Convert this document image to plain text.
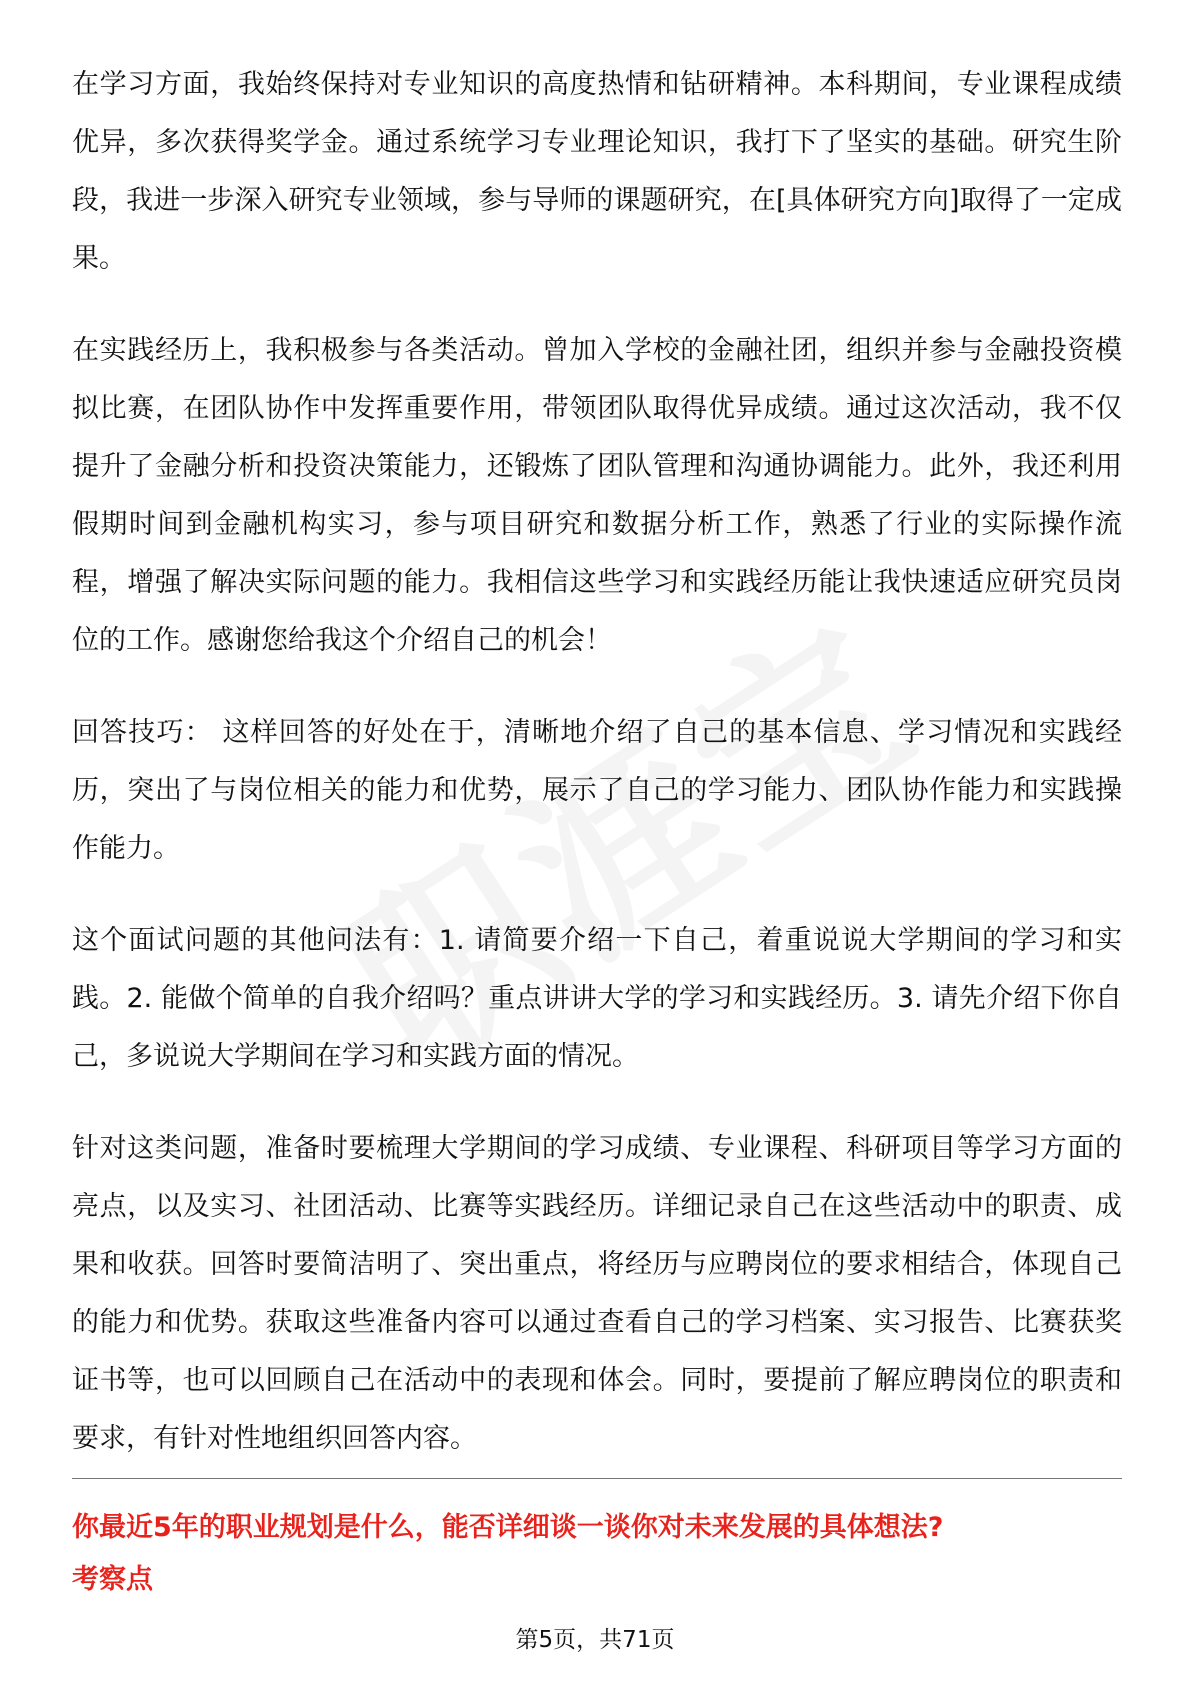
在学习方面，我始终保持对专业知识的高度热情和钻研精神。本科期间，专业课程成绩优异，多次获得奖学金。通过系统学习专业理论知识，我打下了坚实的基础。研究生阶段，我进一步深入研究专业领域，参与导师的课题研究，在[具体研究方向]取得了一定成果。

在实践经历上，我积极参与各类活动。曾加入学校的金融社团，组织并参与金融投资模拟比赛，在团队协作中发挥重要作用，带领团队取得优异成绩。通过这次活动，我不仅提升了金融分析和投资决策能力，还锻炼了团队管理和沟通协调能力。此外，我还利用假期时间到金融机构实习，参与项目研究和数据分析工作，熟悉了行业的实际操作流程，增强了解决实际问题的能力。我相信这些学习和实践经历能让我快速适应研究员岗位的工作。感谢您给我这个介绍自己的机会！

回答技巧： 这样回答的好处在于，清晰地介绍了自己的基本信息、学习情况和实践经历，突出了与岗位相关的能力和优势，展示了自己的学习能力、团队协作能力和实践操作能力。

这个面试问题的其他问法有：1. 请简要介绍一下自己，着重说说大学期间的学习和实践。2. 能做个简单的自我介绍吗？重点讲讲大学的学习和实践经历。3. 请先介绍下你自己，多说说大学期间在学习和实践方面的情况。

针对这类问题，准备时要梳理大学期间的学习成绩、专业课程、科研项目等学习方面的亮点，以及实习、社团活动、比赛等实践经历。详细记录自己在这些活动中的职责、成果和收获。回答时要简洁明了、突出重点，将经历与应聘岗位的要求相结合，体现自己的能力和优势。获取这些准备内容可以通过查看自己的学习档案、实习报告、比赛获奖证书等，也可以回顾自己在活动中的表现和体会。同时，要提前了解应聘岗位的职责和要求，有针对性地组织回答内容。

你最近5年的职业规划是什么，能否详细谈一谈你对未来发展的具体想法?
考察点
第5页，共71页
